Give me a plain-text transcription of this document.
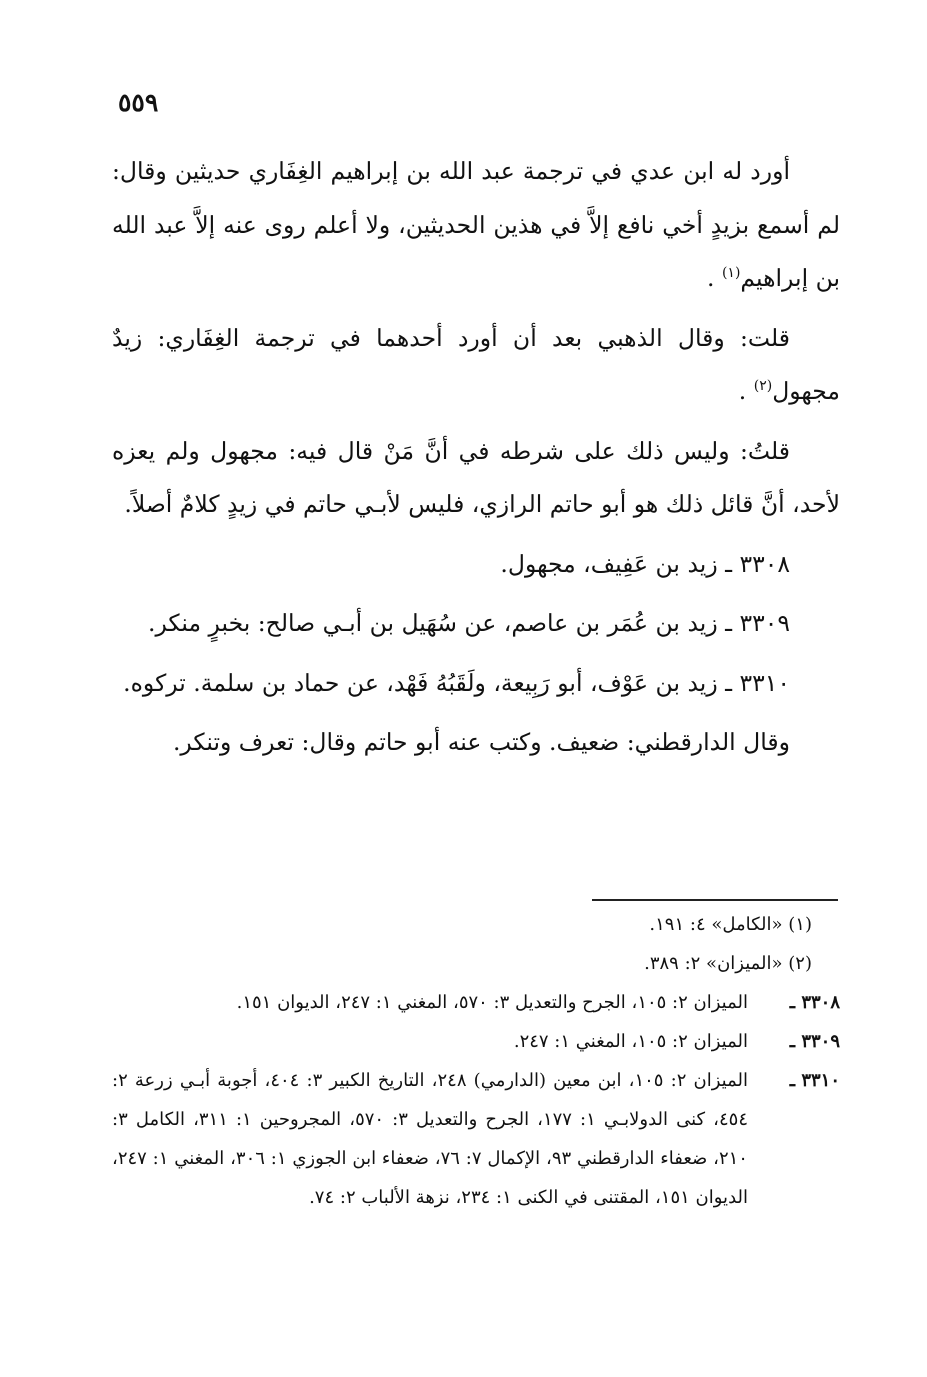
٥٥٩

أورد له ابن عدي في ترجمة عبد الله بن إبراهيم الغِفَاري حديثين وقال: لم أسمع بزيدٍ أخي نافع إلاَّ في هذين الحديثين، ولا أعلم روى عنه إلاَّ عبد الله بن إبراهيم$^{(١)}$ .

قلت: وقال الذهبي بعد أن أورد أحدهما في ترجمة الغِفَاري: زيدٌ مجهول$^{(٢)}$ .

قلتُ: وليس ذلك على شرطه في أنَّ مَنْ قال فيه: مجهول ولم يعزه لأحد، أنَّ قائل ذلك هو أبو حاتم الرازي، فليس لأبـي حاتم في زيدٍ كلامٌ أصلاً.

٣٣٠٨ ـ زيد بن عَفِيف، مجهول.

٣٣٠٩ ـ زيد بن عُمَر بن عاصم، عن سُهَيل بن أبـي صالح: بخبرٍ منكر.

٣٣١٠ ـ زيد بن عَوْف، أبو رَبِيعة، ولَقَبُهُ فَهْد، عن حماد بن سلمة. تركوه.

وقال الدارقطني: ضعيف. وكتب عنه أبو حاتم وقال: تعرف وتنكر.

(١) «الكامل» ٤: ١٩١.
(٢) «الميزان» ٢: ٣٨٩.
٣٣٠٨ ـ
الميزان ٢: ١٠٥، الجرح والتعديل ٣: ٥٧٠، المغني ١: ٢٤٧، الديوان ١٥١.
٣٣٠٩ ـ
الميزان ٢: ١٠٥، المغني ١: ٢٤٧.
٣٣١٠ ـ
الميزان ٢: ١٠٥، ابن معين (الدارمي) ٢٤٨، التاريخ الكبير ٣: ٤٠٤، أجوبة أبـي زرعة ٢: ٤٥٤، كنى الدولابـي ١: ١٧٧، الجرح والتعديل ٣: ٥٧٠، المجروحين ١: ٣١١، الكامل ٣: ٢١٠، ضعفاء الدارقطني ٩٣، الإكمال ٧: ٧٦، ضعفاء ابن الجوزي ١: ٣٠٦، المغني ١: ٢٤٧، الديوان ١٥١، المقتنى في الكنى ١: ٢٣٤، نزهة الألباب ٢: ٧٤.
